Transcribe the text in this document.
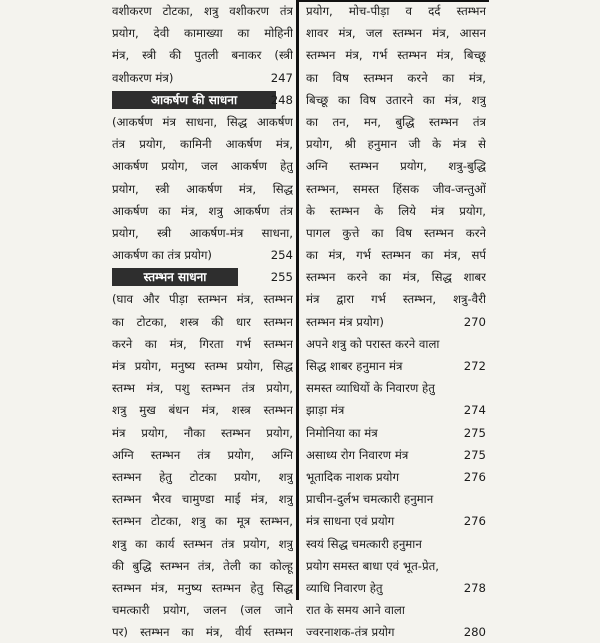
वशीकरण टोटका, शत्रु वशीकरण तंत्र
प्रयोग, देवी कामाख्या का मोहिनी
मंत्र, स्त्री की पुतली बनाकर (स्त्री
वशीकरण मंत्र)	247
आकर्षण की साधना	248
(आकर्षण मंत्र साधना, सिद्ध आकर्षण
तंत्र प्रयोग, कामिनी आकर्षण मंत्र,
आकर्षण प्रयोग, जल आकर्षण हेतु
प्रयोग, स्त्री आकर्षण मंत्र, सिद्ध
आकर्षण का मंत्र, शत्रु आकर्षण तंत्र
प्रयोग, स्त्री आकर्षण-मंत्र साधना,
आकर्षण का तंत्र प्रयोग)	254
स्तम्भन साधना	255
(घाव और पीड़ा स्तम्भन मंत्र, स्तम्भन
का टोटका, शस्त्र की धार स्तम्भन
करने का मंत्र, गिरता गर्भ स्तम्भन
मंत्र प्रयोग, मनुष्य स्तम्भ प्रयोग, सिद्ध
स्तम्भ मंत्र, पशु स्तम्भन तंत्र प्रयोग,
शत्रु मुख बंधन मंत्र, शस्त्र स्तम्भन
मंत्र प्रयोग, नौका स्तम्भन प्रयोग,
अग्नि स्तम्भन तंत्र प्रयोग, अग्नि
स्तम्भन हेतु टोटका प्रयोग, शत्रु
स्तम्भन भैरव चामुण्डा माई मंत्र, शत्रु
स्तम्भन टोटका, शत्रु का मूत्र स्तम्भन,
शत्रु का कार्य स्तम्भन तंत्र प्रयोग, शत्रु
की बुद्धि स्तम्भन तंत्र, तेली का कोल्हू
स्तम्भन मंत्र, मनुष्य स्तम्भन हेतु सिद्ध
चमत्कारी प्रयोग, जलन (जल जाने
पर) स्तम्भन का मंत्र, वीर्य स्तम्भन
प्रयोग, मोच-पीड़ा व दर्द स्तम्भन
शावर मंत्र, जल स्तम्भन मंत्र, आसन
स्तम्भन मंत्र, गर्भ स्तम्भन मंत्र, बिच्छू
का विष स्तम्भन करने का मंत्र,
बिच्छू का विष उतारने का मंत्र, शत्रु
का तन, मन, बुद्धि स्तम्भन तंत्र
प्रयोग, श्री हनुमान जी के मंत्र से
अग्नि स्तम्भन प्रयोग, शत्रु-बुद्धि
स्तम्भन, समस्त हिंसक जीव-जन्तुओं
के स्तम्भन के लिये मंत्र प्रयोग,
पागल कुत्ते का विष स्तम्भन करने
का मंत्र, गर्भ स्तम्भन का मंत्र, सर्प
स्तम्भन करने का मंत्र, सिद्ध शाबर
मंत्र द्वारा गर्भ स्तम्भन, शत्रु-वैरी
स्तम्भन मंत्र प्रयोग)	270
अपने शत्रु को परास्त करने वाला
सिद्ध शाबर हनुमान मंत्र	272
समस्त व्याधियों के निवारण हेतु
झाड़ा मंत्र	274
निमोनिया का मंत्र	275
असाध्य रोग निवारण मंत्र	275
भूतादिक नाशक प्रयोग	276
प्राचीन-दुर्लभ चमत्कारी हनुमान
मंत्र साधना एवं प्रयोग	276
स्वयं सिद्ध चमत्कारी हनुमान
प्रयोग समस्त बाधा एवं भूत-प्रेत,
व्याधि निवारण हेतु	278
रात के समय आने वाला
ज्वरनाशक-तंत्र प्रयोग	280
